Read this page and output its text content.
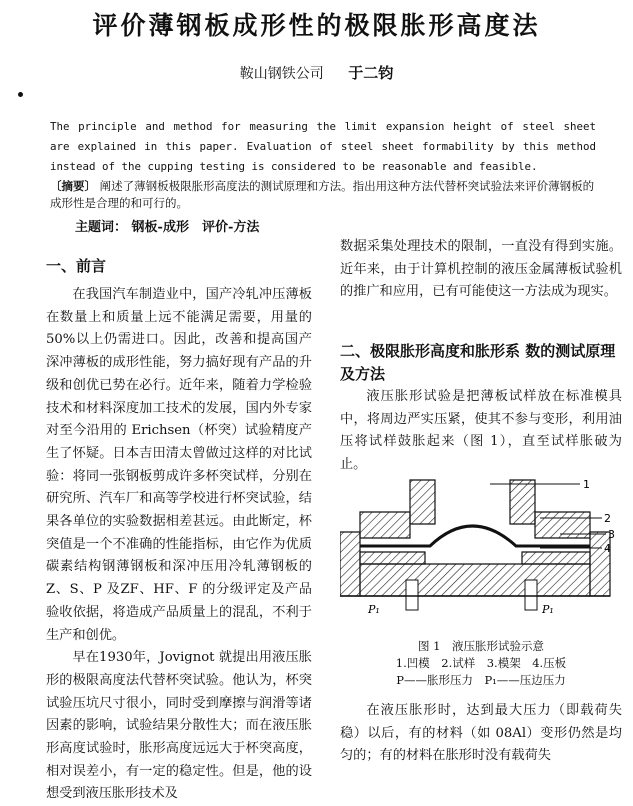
评价薄钢板成形性的极限胀形高度法
鞍山钢铁公司 于二钧
The principle and method for measuring the limit expansion height of steel sheet are explained in this paper. Evaluation of steel sheet formability by this method instead of the cupping testing is considered to be reasonable and feasible.
〔摘要〕 阐述了薄钢板极限胀形高度法的测试原理和方法。指出用这种方法代替杯突试验法来评价薄钢板的成形性是合理的和可行的。
主题词： 钢板-成形　评价-方法
一、前言

在我国汽车制造业中，国产冷轧冲压薄板在数量上和质量上远不能满足需要，用量的50%以上仍需进口。因此，改善和提高国产深冲薄板的成形性能，努力搞好现有产品的升级和创优已势在必行。近年来，随着力学检验技术和材料深度加工技术的发展，国内外专家对至今沿用的 Erichsen（杯突）试验精度产生了怀疑。日本吉田清太曾做过这样的对比试验：将同一张钢板剪成许多杯突试样，分别在研究所、汽车厂和高等学校进行杯突试验，结果各单位的实验数据相差甚远。由此断定，杯突值是一个不准确的性能指标，由它作为优质碳素结构钢薄钢板和深冲压用冷轧薄钢板的 Z、S、P 及ZF、HF、F 的分级评定及产品验收依据，将造成产品质量上的混乱，不利于生产和创优。

早在1930年，Jovignot 就提出用液压胀形的极限高度法代替杯突试验。他认为，杯突试验压坑尺寸很小，同时受到摩擦与润滑等诸因素的影响，试验结果分散性大；而在液压胀形高度试验时，胀形高度远远大于杯突高度，相对误差小，有一定的稳定性。但是，他的设想受到液压胀形技术及

数据采集处理技术的限制，一直没有得到实施。近年来，由于计算机控制的液压金属薄板试验机的推广和应用，已有可能使这一方法成为现实。

二、极限胀形高度和胀形系 数的测试原理及方法

液压胀形试验是把薄板试样放在标准模具中，将周边严实压紧，使其不参与变形，利用油压将试样鼓胀起来（图 1），直至试样胀破为止。

1
2
3
4
P₁	P₁
图 1　液压胀形试验示意
1.凹模　2.试样　3.模架　4.压板
P——胀形压力　P₁——压边压力

在液压胀形时，达到最大压力（即载荷失稳）以后，有的材料（如 08Al）变形仍然是均匀的；有的材料在胀形时没有载荷失
